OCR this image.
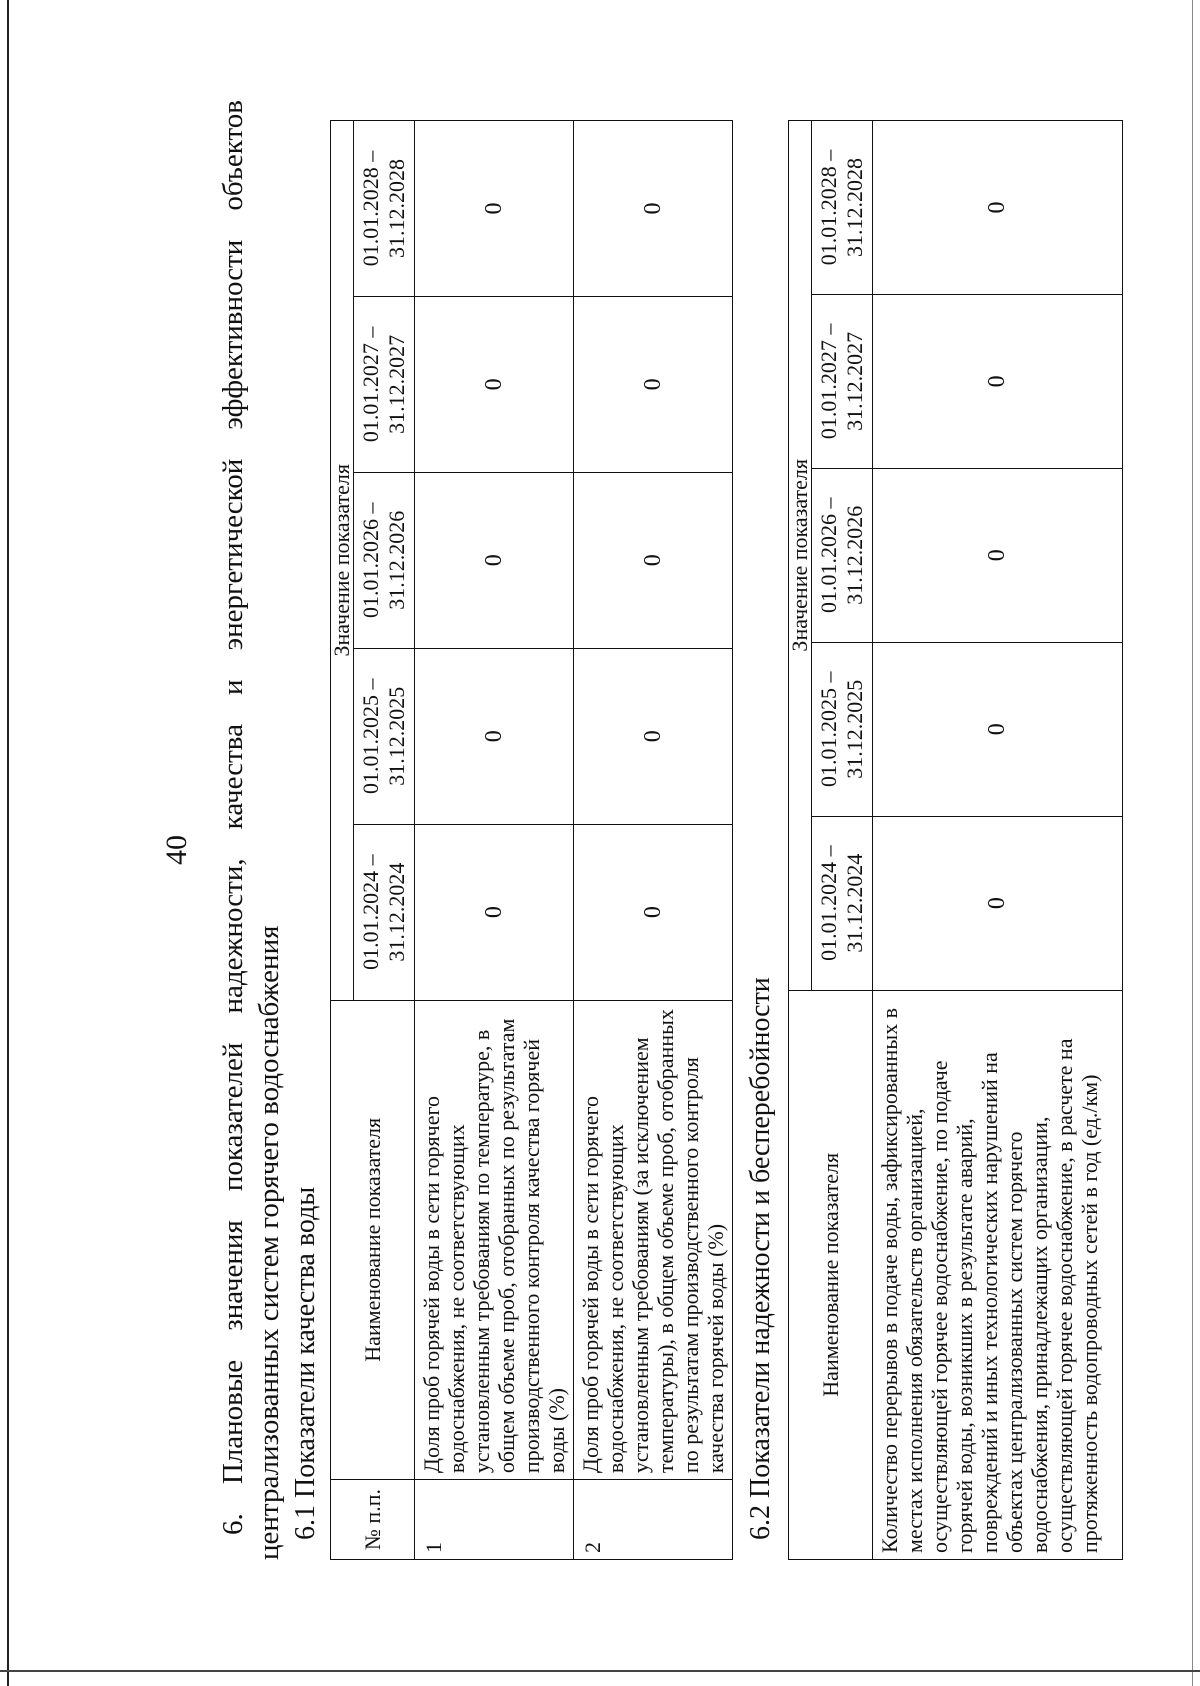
40
6.
Плановые
значения
показателей
надежности,
качества
и
энергетической
эффективности
объектов
централизованных систем горячего водоснабжения 6.1 Показатели качества воды № п.п.	Наименование показателя	Значение показателя				
		01.01.2024 – 31.12.2024	01.01.2025 – 31.12.2025	01.01.2026 – 31.12.2026	01.01.2027 – 31.12.2027	01.01.2028 – 31.12.2028
1	Доля проб горячей воды в сети горячего водоснабжения, не соответствующих установленным требованиям по температуре, в общем объеме проб, отобранных по результатам производственного контроля качества горячей воды (%)	0	0	0	0	0
2	Доля проб горячей воды в сети горячего водоснабжения, не соответствующих установленным требованиям (за исключением температуры), в общем объеме проб, отобранных по результатам производственного контроля качества горячей воды (%)	0	0	0	0	0
6.2 Показатели надежности и бесперебойности Наименование показателя	Значение показателя				
	01.01.2024 – 31.12.2024	01.01.2025 – 31.12.2025	01.01.2026 – 31.12.2026	01.01.2027 – 31.12.2027	01.01.2028 – 31.12.2028
Количество перерывов в подаче воды, зафиксированных в местах исполнения обязательств организацией, осуществляющей горячее водоснабжение, по подаче горячей воды, возникших в результате аварий, повреждений и иных технологических нарушений на объектах централизованных систем горячего водоснабжения, принадлежащих организации, осуществляющей горячее водоснабжение, в расчете на протяженность водопроводных сетей в год (ед./км)	0	0	0	0	0
